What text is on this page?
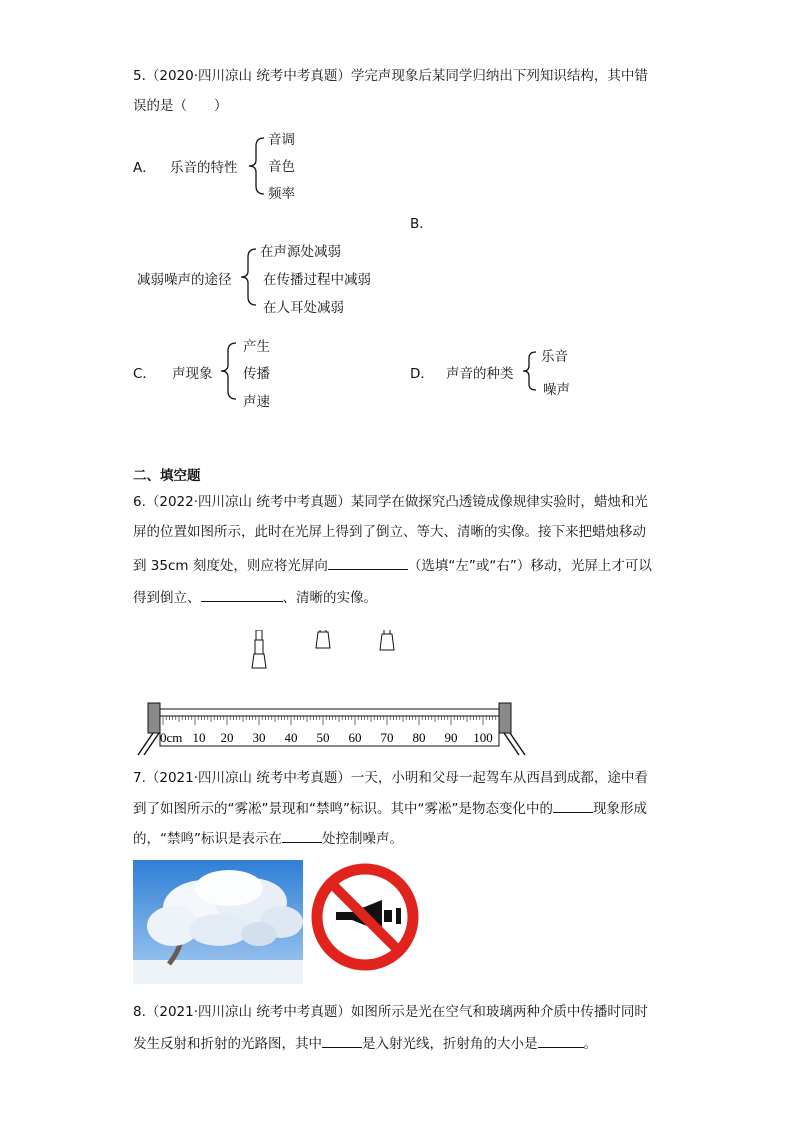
5.（2020·四川凉山 统考中考真题）学完声现象后某同学归纳出下列知识结构，其中错
误的是（　　）
A． 乐音的特性
音调
音色
频率
B．
减弱噪声的途径
在声源处减弱
在传播过程中减弱
在人耳处减弱
C． 声现象
产生
传播
声速
D． 声音的种类
乐音
噪声
二、填空题
6.（2022·四川凉山 统考中考真题）某同学在做探究凸透镜成像规律实验时，蜡烛和光
屏的位置如图所示，此时在光屏上得到了倒立、等大、清晰的实像。接下来把蜡烛移动
到 35cm 刻度处，则应将光屏向	（选填“左”或“右”）移动，光屏上才可以
得到倒立、	、清晰的实像。
10 20 30 40 50 60 70 80 90 100
0cm
7.（2021·四川凉山 统考中考真题）一天，小明和父母一起驾车从西昌到成都，途中看
到了如图所示的“雾凇”景现和“禁鸣”标识。其中“雾凇”是物态变化中的	现象形成
的，“禁鸣”标识是表示在	处控制噪声。
8.（2021·四川凉山 统考中考真题）如图所示是光在空气和玻璃两种介质中传播时同时
发生反射和折射的光路图，其中	是入射光线，折射角的大小是	。
